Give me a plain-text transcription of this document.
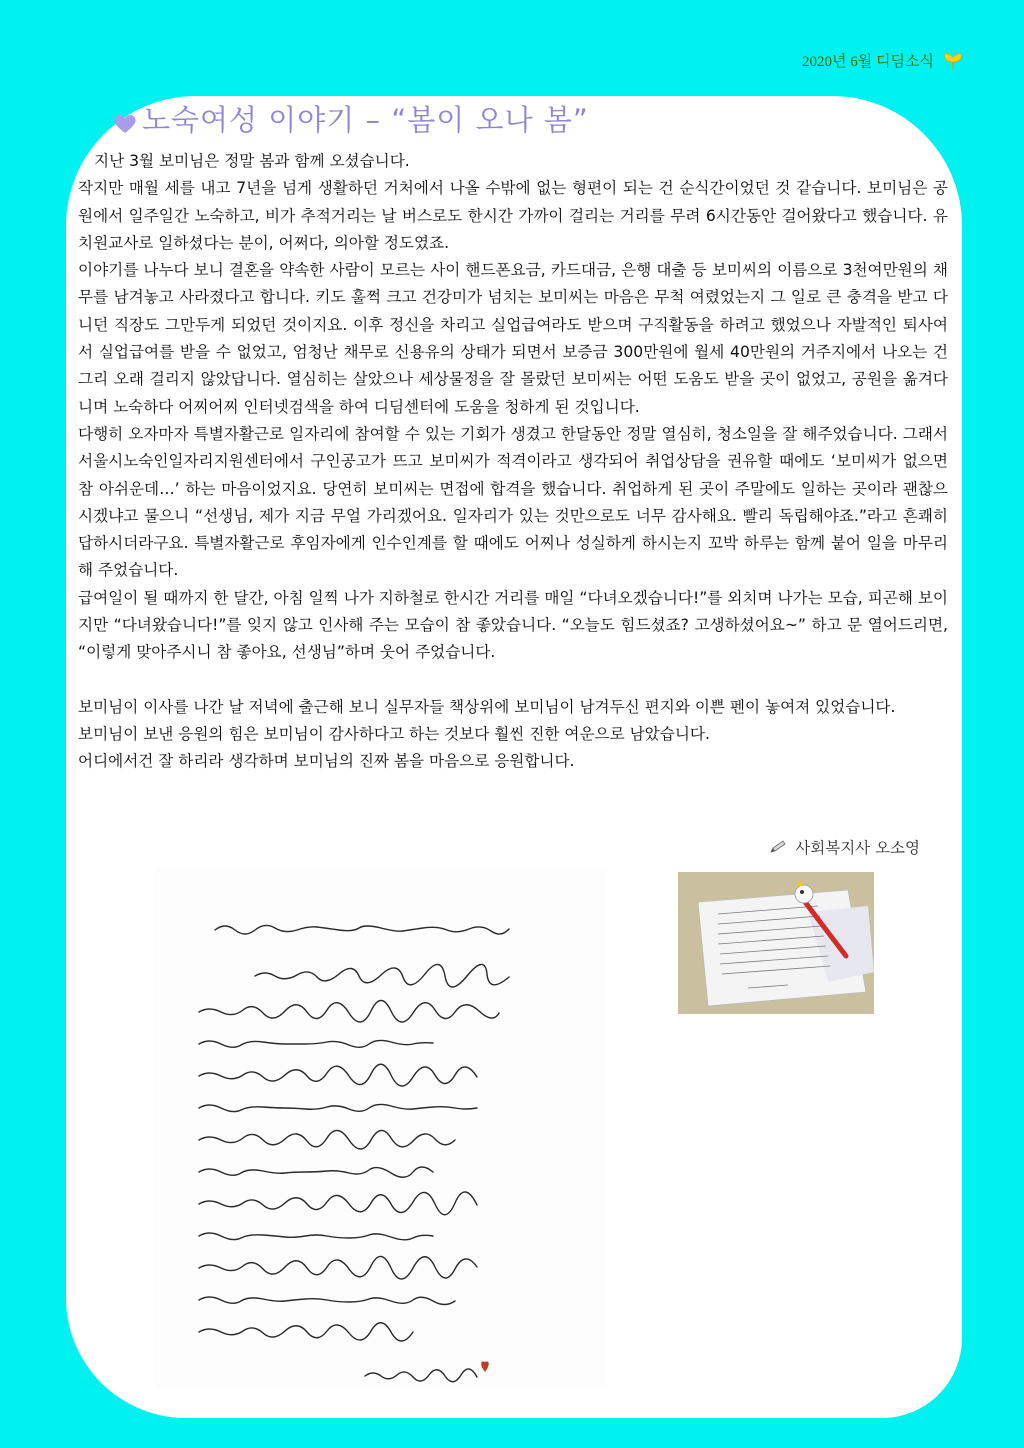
2020년 6월 디딤소식
노숙여성 이야기 – “봄이 오나 봄”

지난 3월 보미님은 정말 봄과 함께 오셨습니다.

작지만 매월 세를 내고 7년을 넘게 생활하던 거처에서 나올 수밖에 없는 형편이 되는 건 순식간이었던 것 같습니다. 보미님은 공원에서 일주일간 노숙하고, 비가 추적거리는 날 버스로도 한시간 가까이 걸리는 거리를 무려 6시간동안 걸어왔다고 했습니다. 유치원교사로 일하셨다는 분이, 어쩌다, 의아할 정도였죠.

이야기를 나누다 보니 결혼을 약속한 사람이 모르는 사이 핸드폰요금, 카드대금, 은행 대출 등 보미씨의 이름으로 3천여만원의 채무를 남겨놓고 사라졌다고 합니다. 키도 훌쩍 크고 건강미가 넘치는 보미씨는 마음은 무척 여렸었는지 그 일로 큰 충격을 받고 다니던 직장도 그만두게 되었던 것이지요. 이후 정신을 차리고 실업급여라도 받으며 구직활동을 하려고 했었으나 자발적인 퇴사여서 실업급여를 받을 수 없었고, 엄청난 채무로 신용유의 상태가 되면서 보증금 300만원에 월세 40만원의 거주지에서 나오는 건 그리 오래 걸리지 않았답니다. 열심히는 살았으나 세상물정을 잘 몰랐던 보미씨는 어떤 도움도 받을 곳이 없었고, 공원을 옮겨다니며 노숙하다 어찌어찌 인터넷검색을 하여 디딤센터에 도움을 청하게 된 것입니다.

다행히 오자마자 특별자활근로 일자리에 참여할 수 있는 기회가 생겼고 한달동안 정말 열심히, 청소일을 잘 해주었습니다. 그래서 서울시노숙인일자리지원센터에서 구인공고가 뜨고 보미씨가 적격이라고 생각되어 취업상담을 권유할 때에도 ‘보미씨가 없으면 참 아쉬운데…’ 하는 마음이었지요. 당연히 보미씨는 면접에 합격을 했습니다. 취업하게 된 곳이 주말에도 일하는 곳이라 괜찮으시겠냐고 물으니 “선생님, 제가 지금 무얼 가리겠어요. 일자리가 있는 것만으로도 너무 감사해요. 빨리 독립해야죠.”라고 흔쾌히 답하시더라구요. 특별자활근로 후임자에게 인수인계를 할 때에도 어찌나 성실하게 하시는지 꼬박 하루는 함께 붙어 일을 마무리해 주었습니다.

급여일이 될 때까지 한 달간, 아침 일찍 나가 지하철로 한시간 거리를 매일 “다녀오겠습니다!”를 외치며 나가는 모습, 피곤해 보이지만 “다녀왔습니다!”를 잊지 않고 인사해 주는 모습이 참 좋았습니다. “오늘도 힘드셨죠? 고생하셨어요~” 하고 문 열어드리면, “이렇게 맞아주시니 참 좋아요, 선생님”하며 웃어 주었습니다.

보미님이 이사를 나간 날 저녁에 출근해 보니 실무자들 책상위에 보미님이 남겨두신 편지와 이쁜 펜이 놓여져 있었습니다.

보미님이 보낸 응원의 힘은 보미님이 감사하다고 하는 것보다 훨씬 진한 여운으로 남았습니다.

어디에서건 잘 하리라 생각하며 보미님의 진짜 봄을 마음으로 응원합니다.

사회복지사 오소영
